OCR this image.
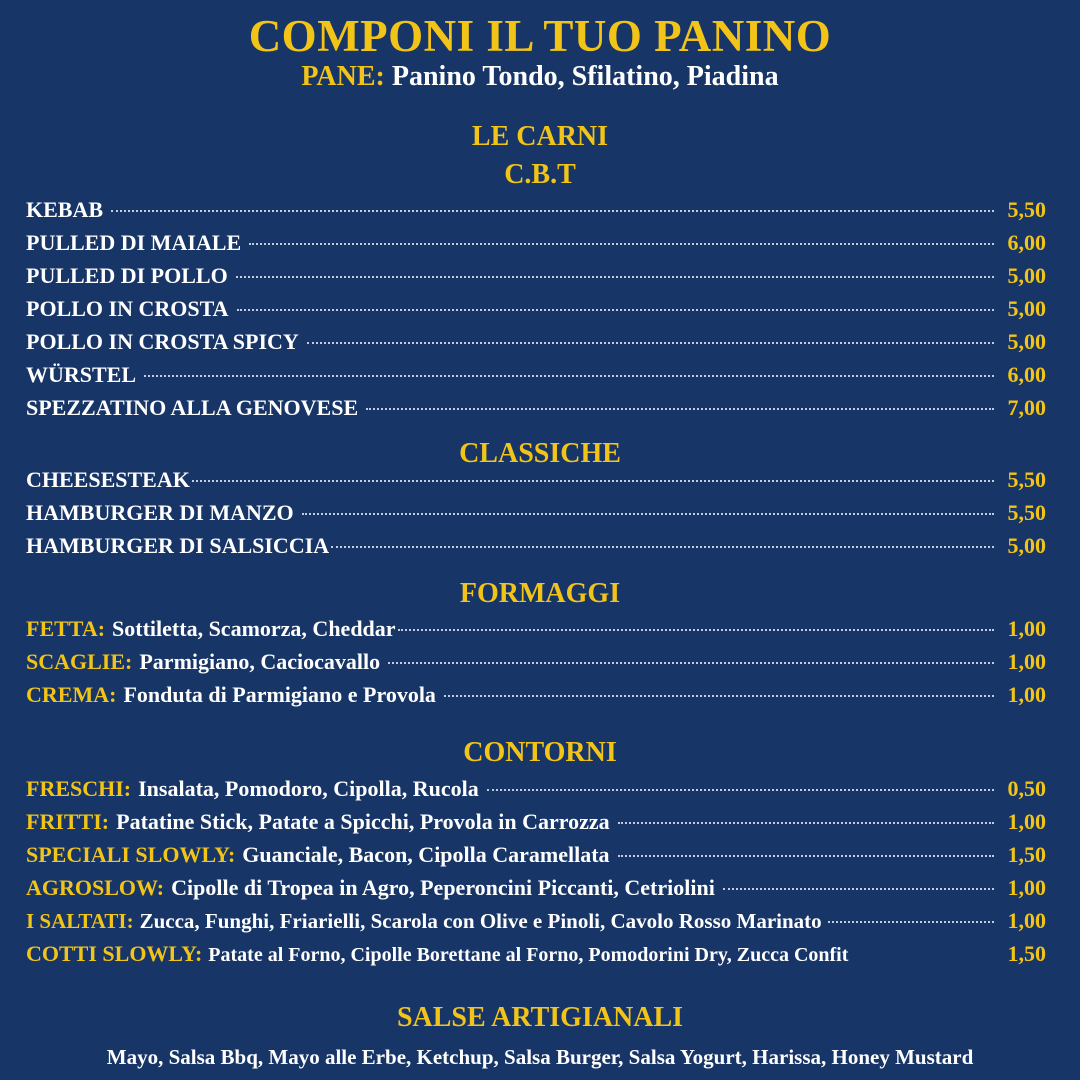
COMPONI IL TUO PANINO
PANE: Panino Tondo, Sfilatino, Piadina
LE CARNI
C.B.T
KEBAB	5,50
PULLED DI MAIALE	6,00
PULLED DI POLLO	5,00
POLLO IN CROSTA	5,00
POLLO IN CROSTA SPICY	5,00
WÜRSTEL	6,00
SPEZZATINO ALLA GENOVESE	7,00
CLASSICHE
CHEESESTEAK	5,50
HAMBURGER DI MANZO	5,50
HAMBURGER DI SALSICCIA	5,00
FORMAGGI
FETTA: Sottiletta, Scamorza, Cheddar	1,00
SCAGLIE: Parmigiano, Caciocavallo	1,00
CREMA: Fonduta di Parmigiano e Provola	1,00
CONTORNI
FRESCHI: Insalata, Pomodoro, Cipolla, Rucola	0,50
FRITTI: Patatine Stick, Patate a Spicchi, Provola in Carrozza	1,00
SPECIALI SLOWLY: Guanciale, Bacon, Cipolla Caramellata	1,50
AGROSLOW: Cipolle di Tropea in Agro, Peperoncini Piccanti, Cetriolini	1,00
I SALTATI: Zucca, Funghi, Friarielli, Scarola con Olive e Pinoli, Cavolo Rosso Marinato	1,00
COTTI SLOWLY: Patate al Forno, Cipolle Borettane al Forno, Pomodorini Dry, Zucca Confit	1,50
SALSE ARTIGIANALI
Mayo, Salsa Bbq, Mayo alle Erbe, Ketchup, Salsa Burger, Salsa Yogurt, Harissa, Honey Mustard
